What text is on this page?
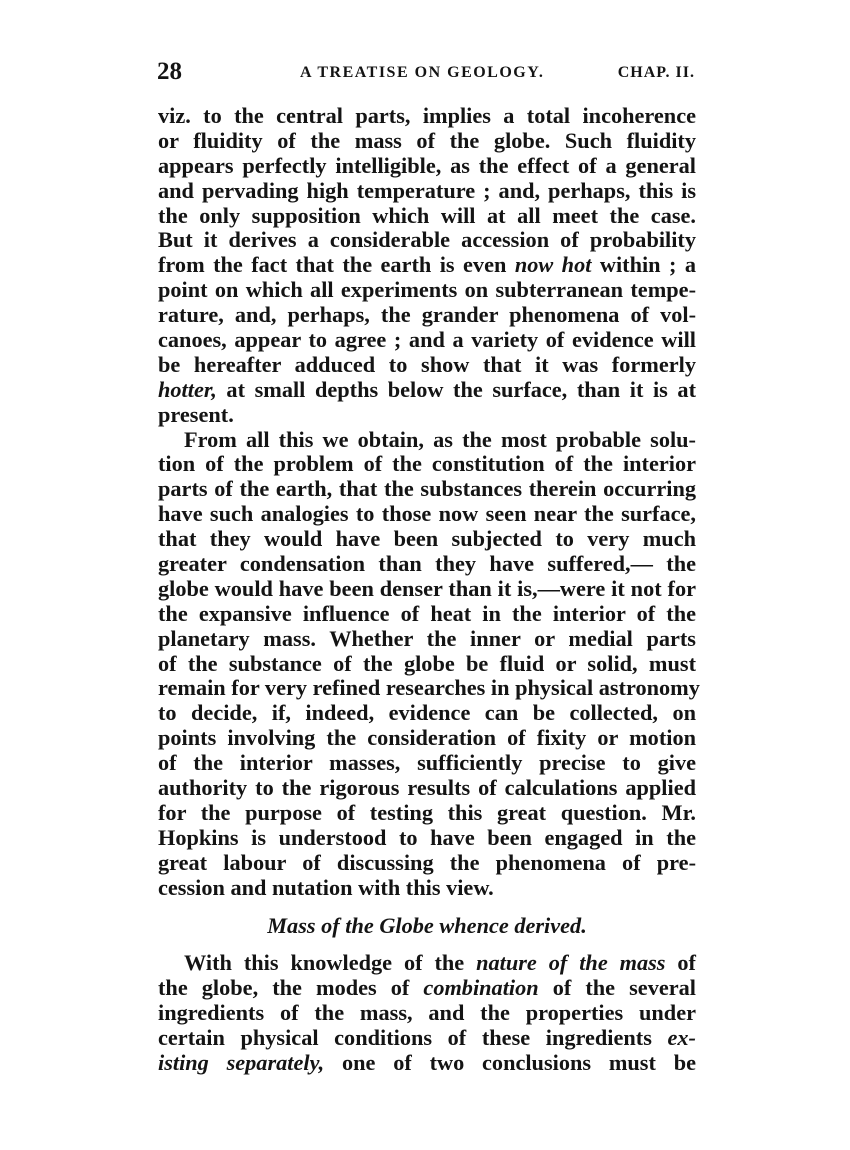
28	A TREATISE ON GEOLOGY.	CHAP. II.
viz. to the central parts, implies a total incoherence
or fluidity of the mass of the globe. Such fluidity
appears perfectly intelligible, as the effect of a general
and pervading high temperature ; and, perhaps, this is
the only supposition which will at all meet the case.
But it derives a considerable accession of probability
from the fact that the earth is even now hot within ; a
point on which all experiments on subterranean tempe-
rature, and, perhaps, the grander phenomena of vol-
canoes, appear to agree ; and a variety of evidence will
be hereafter adduced to show that it was formerly
hotter, at small depths below the surface, than it is at
present.
From all this we obtain, as the most probable solu-
tion of the problem of the constitution of the interior
parts of the earth, that the substances therein occurring
have such analogies to those now seen near the surface,
that they would have been subjected to very much
greater condensation than they have suffered,— the
globe would have been denser than it is,—were it not for
the expansive influence of heat in the interior of the
planetary mass. Whether the inner or medial parts
of the substance of the globe be fluid or solid, must
remain for very refined researches in physical astronomy
to decide, if, indeed, evidence can be collected, on
points involving the consideration of fixity or motion
of the interior masses, sufficiently precise to give
authority to the rigorous results of calculations applied
for the purpose of testing this great question. Mr.
Hopkins is understood to have been engaged in the
great labour of discussing the phenomena of pre-
cession and nutation with this view.
Mass of the Globe whence derived.
With this knowledge of the nature of the mass of
the globe, the modes of combination of the several
ingredients of the mass, and the properties under
certain physical conditions of these ingredients ex-
isting separately, one of two conclusions must be
